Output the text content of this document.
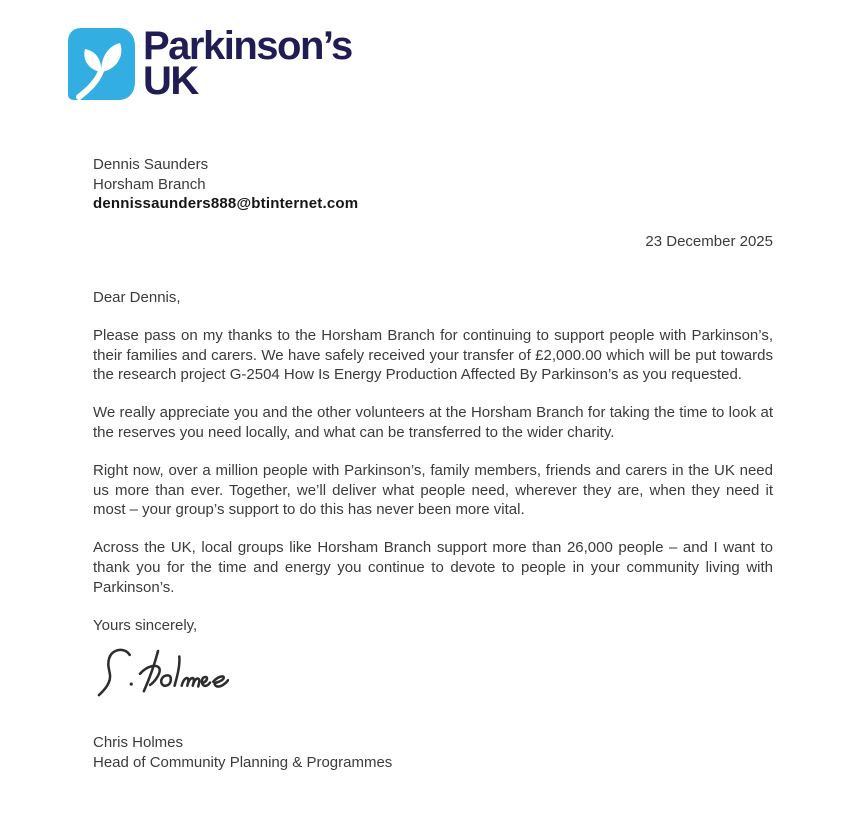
Parkinson’s
UK
Dennis Saunders
Horsham Branch
dennissaunders888@btinternet.com
23 December 2025

Dear Dennis,

Please pass on my thanks to the Horsham Branch for continuing to support people with Parkinson’s, their families and carers. We have safely received your transfer of £2,000.00 which will be put towards the research project G-2504 How Is Energy Production Affected By Parkinson’s as you requested.

We really appreciate you and the other volunteers at the Horsham Branch for taking the time to look at the reserves you need locally, and what can be transferred to the wider charity.

Right now, over a million people with Parkinson’s, family members, friends and carers in the UK need us more than ever. Together, we’ll deliver what people need, wherever they are, when they need it most – your group’s support to do this has never been more vital.

Across the UK, local groups like Horsham Branch support more than 26,000 people – and I want to thank you for the time and energy you continue to devote to people in your community living with Parkinson’s.

Yours sincerely,

Chris Holmes
Head of Community Planning & Programmes
